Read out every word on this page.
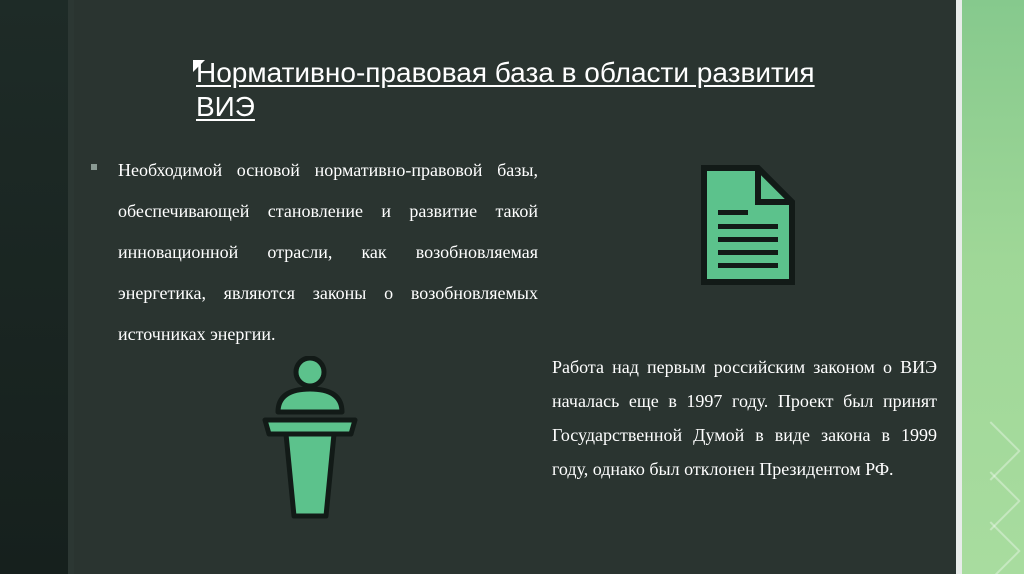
Нормативно-правовая база в области развития ВИЭ
Необходимой основой нормативно-правовой базы, обеспечивающей становление и развитие такой инновационной отрасли, как возобновляемая энергетика, являются законы о возобновляемых источниках энергии.
Работа над первым российским законом о ВИЭ началась еще в 1997 году. Проект был принят Государственной Думой в виде закона в 1999 году, однако был отклонен Президентом РФ.
